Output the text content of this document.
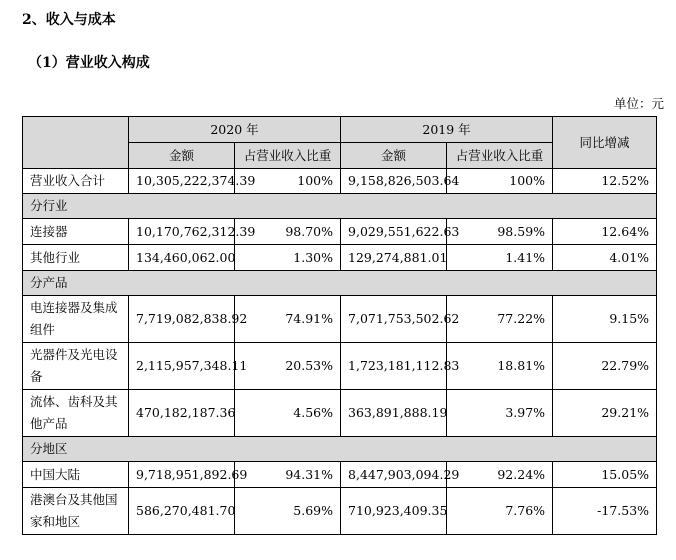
2、收入与成本
（1）营业收入构成
单位：元
	2020 年		2019 年		同比增减
	金额	占营业收入比重	金额	占营业收入比重	
营业收入合计	10,305,222,374.39	100%	9,158,826,503.64	100%	12.52%
分行业					
连接器	10,170,762,312.39	98.70%	9,029,551,622.63	98.59%	12.64%
其他行业	134,460,062.00	1.30%	129,274,881.01	1.41%	4.01%
分产品					
电连接器及集成组件	7,719,082,838.92	74.91%	7,071,753,502.62	77.22%	9.15%
光器件及光电设备	2,115,957,348.11	20.53%	1,723,181,112.83	18.81%	22.79%
流体、齿科及其他产品	470,182,187.36	4.56%	363,891,888.19	3.97%	29.21%
分地区					
中国大陆	9,718,951,892.69	94.31%	8,447,903,094.29	92.24%	15.05%
港澳台及其他国家和地区	586,270,481.70	5.69%	710,923,409.35	7.76%	-17.53%
